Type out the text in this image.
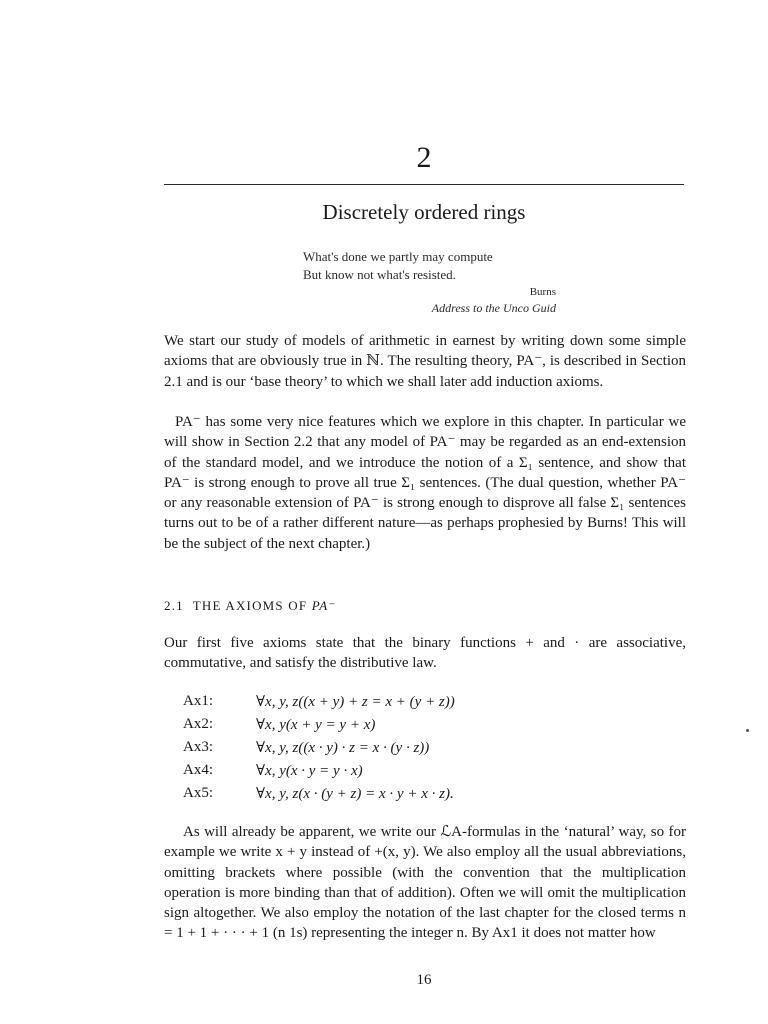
2
Discretely ordered rings
What's done we partly may compute
But know not what's resisted.
Burns
Address to the Unco Guid

We start our study of models of arithmetic in earnest by writing down some simple axioms that are obviously true in ℕ. The resulting theory, PA⁻, is described in Section 2.1 and is our ‘base theory’ to which we shall later add induction axioms.

PA⁻ has some very nice features which we explore in this chapter. In particular we will show in Section 2.2 that any model of PA⁻ may be regarded as an end-extension of the standard model, and we introduce the notion of a Σ₁ sentence, and show that PA⁻ is strong enough to prove all true Σ₁ sentences. (The dual question, whether PA⁻ or any reasonable extension of PA⁻ is strong enough to disprove all false Σ₁ sentences turns out to be of a rather different nature—as perhaps prophesied by Burns! This will be the subject of the next chapter.)

2.1 THE AXIOMS OF PA⁻

Our first five axioms state that the binary functions + and · are associative, commutative, and satisfy the distributive law.

Ax1:	∀x, y, z((x + y) + z = x + (y + z))
Ax2:	∀x, y(x + y = y + x)
Ax3:	∀x, y, z((x · y) · z = x · (y · z))
Ax4:	∀x, y(x · y = y · x)
Ax5:	∀x, y, z(x · (y + z) = x · y + x · z).

As will already be apparent, we write our ℒA-formulas in the ‘natural’ way, so for example we write x + y instead of +(x, y). We also employ all the usual abbreviations, omitting brackets where possible (with the convention that the multiplication operation is more binding than that of addition). Often we will omit the multiplication sign altogether. We also employ the notation of the last chapter for the closed terms n = 1 + 1 + · · · + 1 (n 1s) representing the integer n. By Ax1 it does not matter how

16
